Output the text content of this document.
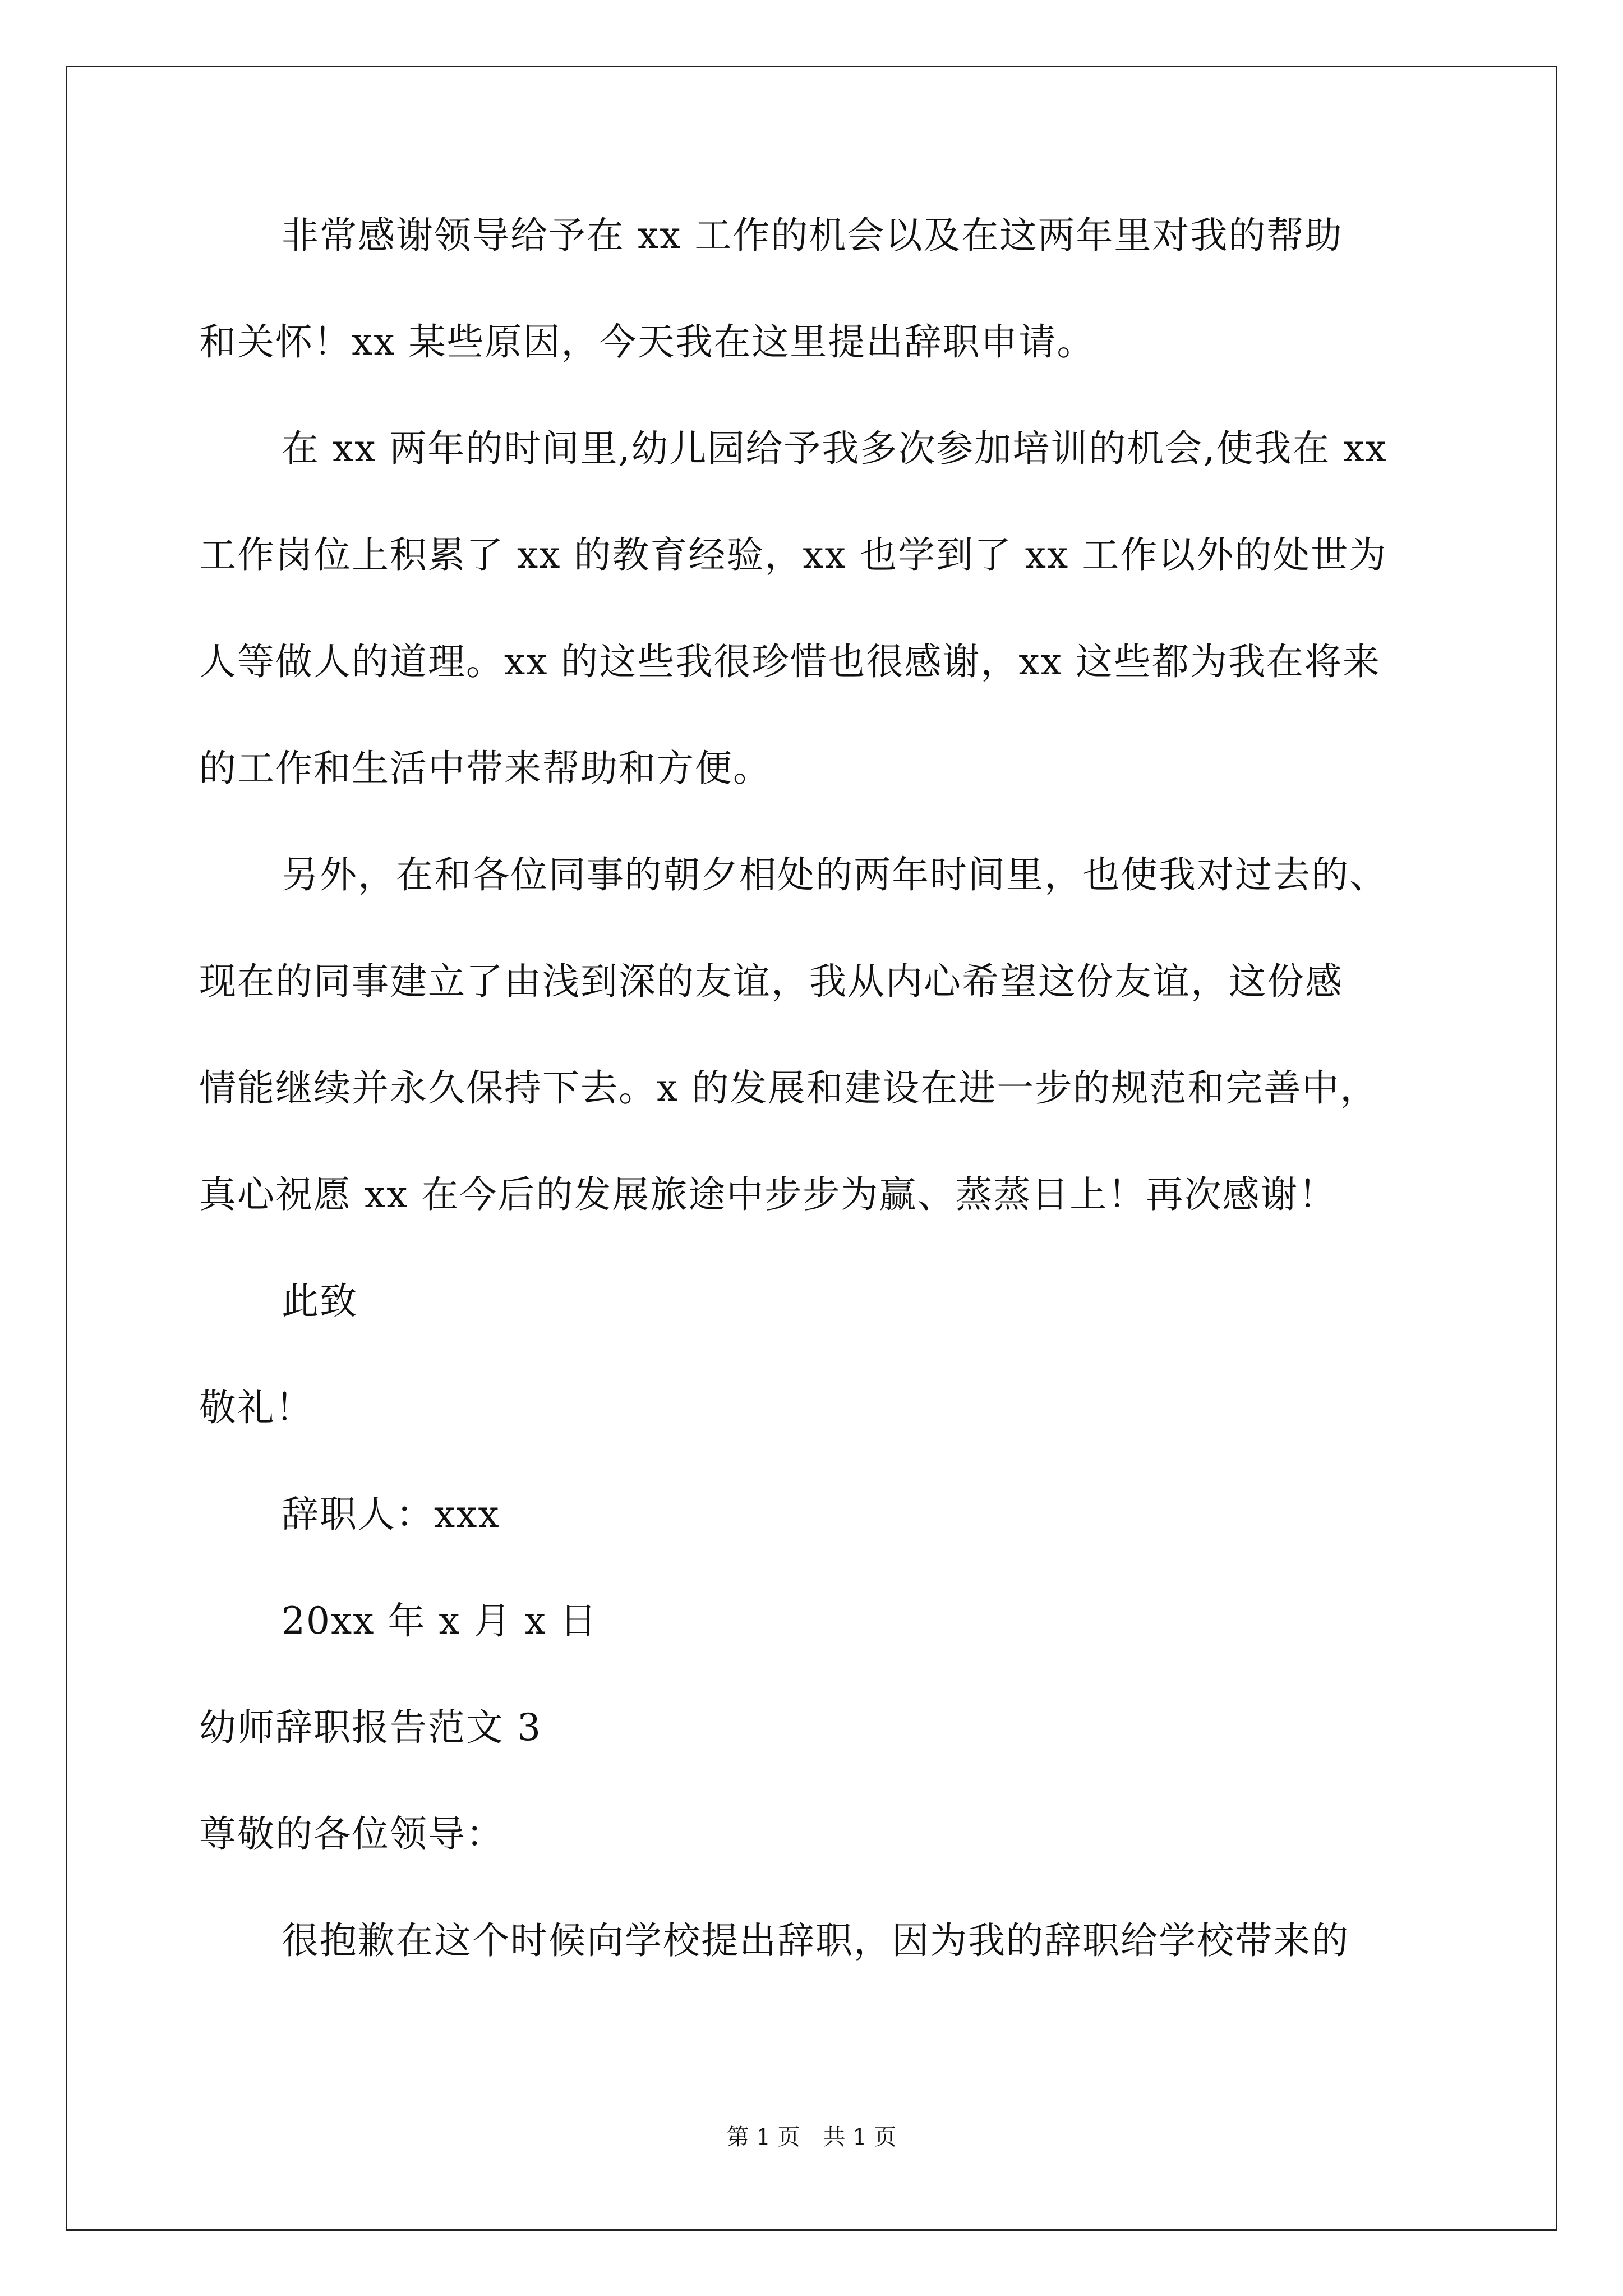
非常感谢领导给予在 xx 工作的机会以及在这两年里对我的帮助
和关怀！xx 某些原因，今天我在这里提出辞职申请。
在 xx 两年的时间里,幼儿园给予我多次参加培训的机会,使我在 xx
工作岗位上积累了 xx 的教育经验，xx 也学到了 xx 工作以外的处世为
人等做人的道理。xx 的这些我很珍惜也很感谢，xx 这些都为我在将来
的工作和生活中带来帮助和方便。
另外，在和各位同事的朝夕相处的两年时间里，也使我对过去的、
现在的同事建立了由浅到深的友谊，我从内心希望这份友谊，这份感
情能继续并永久保持下去。x 的发展和建设在进一步的规范和完善中，
真心祝愿 xx 在今后的发展旅途中步步为赢、蒸蒸日上！再次感谢！
此致
敬礼！
辞职人：xxx
20xx 年 x 月 x 日
幼师辞职报告范文 3
尊敬的各位领导：
很抱歉在这个时候向学校提出辞职，因为我的辞职给学校带来的
第 1 页 共 1 页
